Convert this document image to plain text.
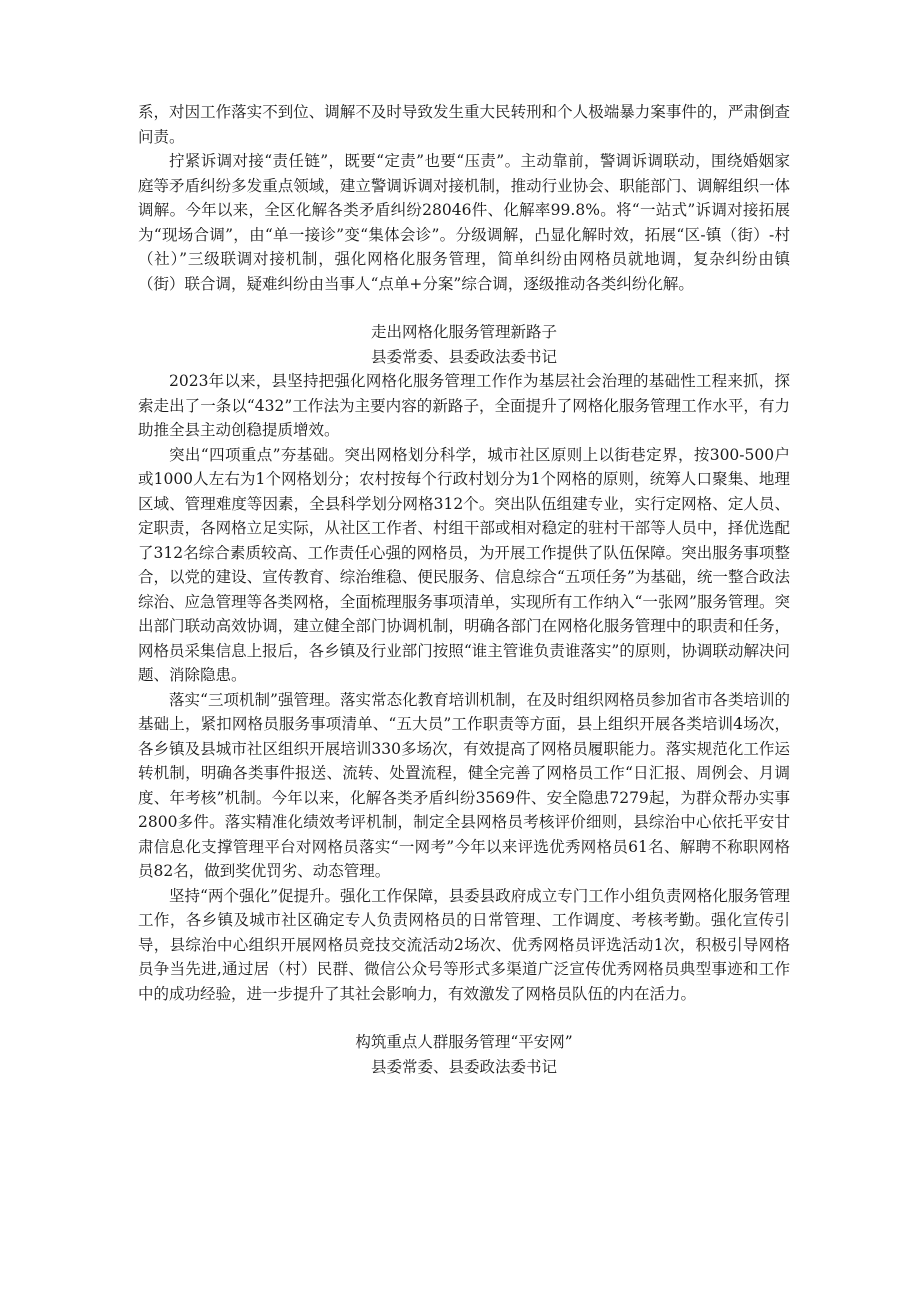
系，对因工作落实不到位、调解不及时导致发生重大民转刑和个人极端暴力案事件的，严肃倒查问责。

拧紧诉调对接“责任链”，既要“定责”也要“压责”。主动靠前，警调诉调联动，围绕婚姻家庭等矛盾纠纷多发重点领域，建立警调诉调对接机制，推动行业协会、职能部门、调解组织一体调解。今年以来，全区化解各类矛盾纠纷28046件、化解率99.8%。将“一站式”诉调对接拓展为“现场合调”，由“单一接诊”变“集体会诊”。分级调解，凸显化解时效，拓展“区-镇（街）-村（社）”三级联调对接机制，强化网格化服务管理，简单纠纷由网格员就地调，复杂纠纷由镇（街）联合调，疑难纠纷由当事人“点单+分案”综合调，逐级推动各类纠纷化解。

走出网格化服务管理新路子

县委常委、县委政法委书记

2023年以来，县坚持把强化网格化服务管理工作作为基层社会治理的基础性工程来抓，探索走出了一条以“432”工作法为主要内容的新路子，全面提升了网格化服务管理工作水平，有力助推全县主动创稳提质增效。

突出“四项重点”夯基础。突出网格划分科学，城市社区原则上以街巷定界，按300-500户或1000人左右为1个网格划分；农村按每个行政村划分为1个网格的原则，统筹人口聚集、地理区域、管理难度等因素，全县科学划分网格312个。突出队伍组建专业，实行定网格、定人员、定职责，各网格立足实际，从社区工作者、村组干部或相对稳定的驻村干部等人员中，择优选配了312名综合素质较高、工作责任心强的网格员，为开展工作提供了队伍保障。突出服务事项整合，以党的建设、宣传教育、综治维稳、便民服务、信息综合“五项任务”为基础，统一整合政法综治、应急管理等各类网格，全面梳理服务事项清单，实现所有工作纳入“一张网”服务管理。突出部门联动高效协调，建立健全部门协调机制，明确各部门在网格化服务管理中的职责和任务，网格员采集信息上报后，各乡镇及行业部门按照“谁主管谁负责谁落实”的原则，协调联动解决问题、消除隐患。

落实“三项机制”强管理。落实常态化教育培训机制，在及时组织网格员参加省市各类培训的基础上，紧扣网格员服务事项清单、“五大员”工作职责等方面，县上组织开展各类培训4场次，各乡镇及县城市社区组织开展培训330多场次，有效提高了网格员履职能力。落实规范化工作运转机制，明确各类事件报送、流转、处置流程，健全完善了网格员工作“日汇报、周例会、月调度、年考核”机制。今年以来，化解各类矛盾纠纷3569件、安全隐患7279起，为群众帮办实事2800多件。落实精准化绩效考评机制，制定全县网格员考核评价细则，县综治中心依托平安甘肃信息化支撑管理平台对网格员落实“一网考”今年以来评选优秀网格员61名、解聘不称职网格员82名，做到奖优罚劣、动态管理。

坚持“两个强化”促提升。强化工作保障，县委县政府成立专门工作小组负责网格化服务管理工作，各乡镇及城市社区确定专人负责网格员的日常管理、工作调度、考核考勤。强化宣传引导，县综治中心组织开展网格员竞技交流活动2场次、优秀网格员评选活动1次，积极引导网格员争当先进,通过居（村）民群、微信公众号等形式多渠道广泛宣传优秀网格员典型事迹和工作中的成功经验，进一步提升了其社会影响力，有效激发了网格员队伍的内在活力。

构筑重点人群服务管理“平安网”

县委常委、县委政法委书记
